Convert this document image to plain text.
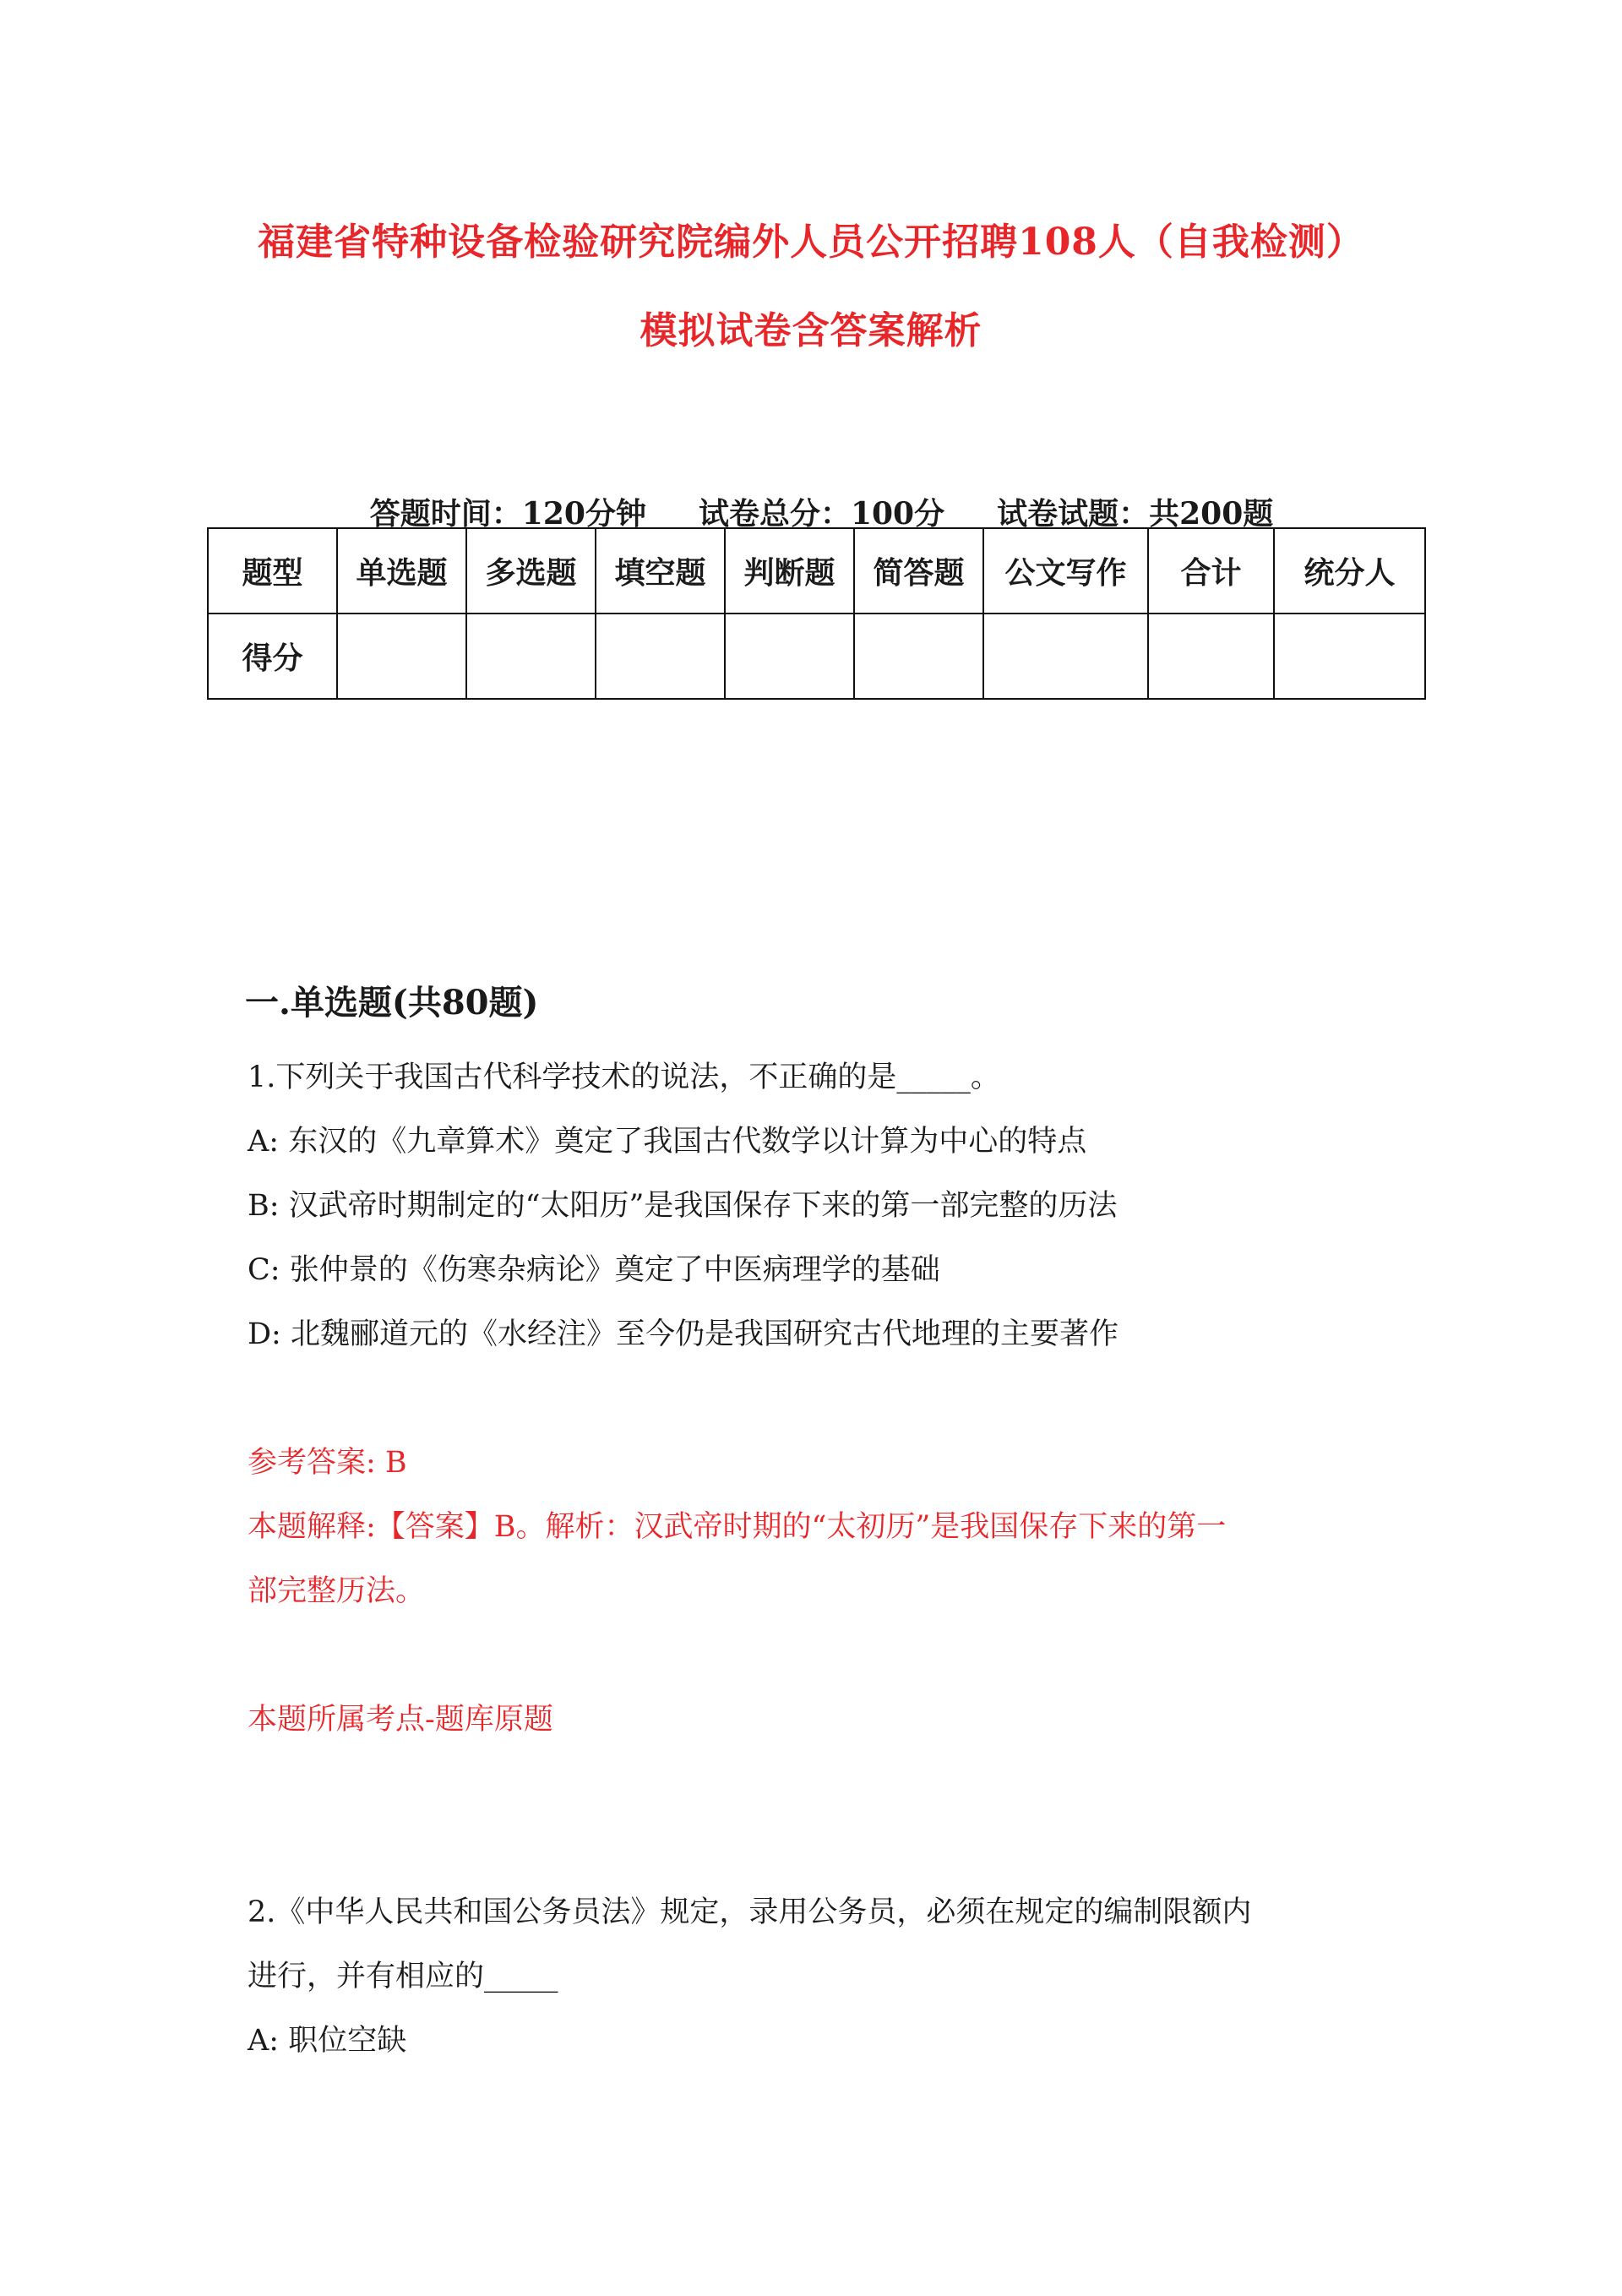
福建省特种设备检验研究院编外人员公开招聘108人（自我检测）
模拟试卷含答案解析

答题时间：120分钟 试卷总分：100分 试卷试题：共200题

题型	单选题	多选题	填空题	判断题	简答题	公文写作	合计	统分人
得分								
一.单选题(共80题)

1.下列关于我国古代科学技术的说法，不正确的是_____。

A: 东汉的《九章算术》奠定了我国古代数学以计算为中心的特点

B: 汉武帝时期制定的“太阳历”是我国保存下来的第一部完整的历法

C: 张仲景的《伤寒杂病论》奠定了中医病理学的基础

D: 北魏郦道元的《水经注》至今仍是我国研究古代地理的主要著作

参考答案: B

本题解释:【答案】B。解析：汉武帝时期的“太初历”是我国保存下来的第一

部完整历法。

本题所属考点-题库原题

2.《中华人民共和国公务员法》规定，录用公务员，必须在规定的编制限额内

进行，并有相应的_____

A: 职位空缺
